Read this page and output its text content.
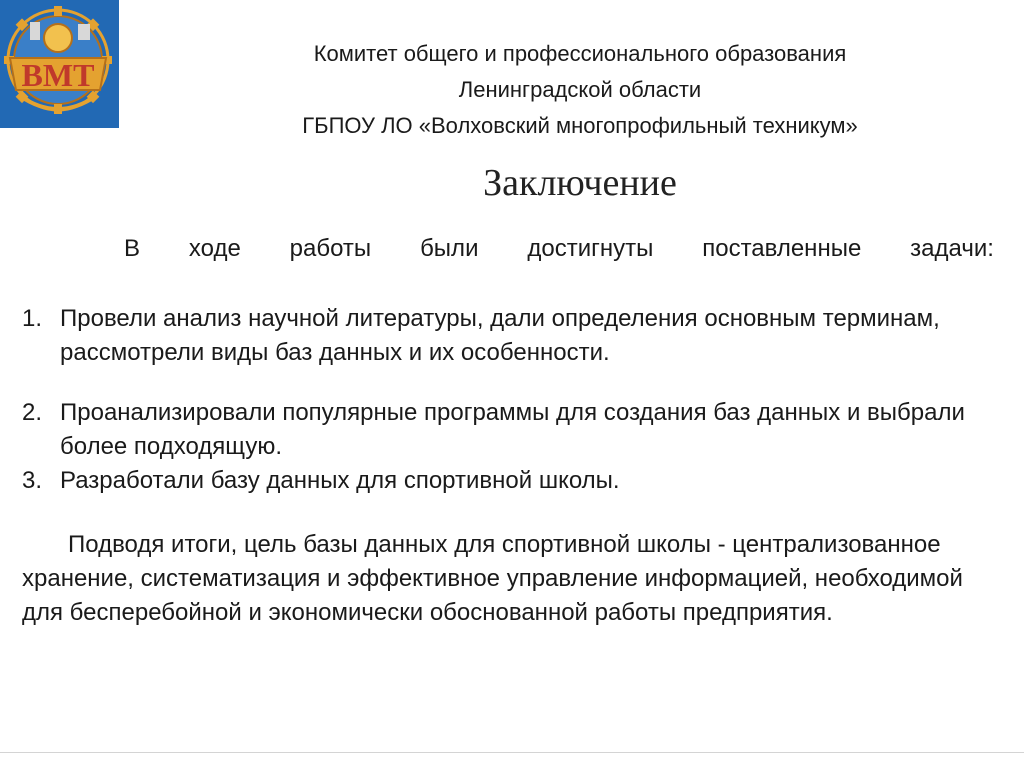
ВМТ
Комитет общего и профессионального образования
Ленинградской области
ГБПОУ ЛО «Волховский многопрофильный техникум»
Заключение
В ходе работы были достигнуты поставленные задачи:
1. Провели анализ научной литературы, дали определения основным терминам, рассмотрели виды баз данных и их особенности.
2. Проанализировали популярные программы для создания баз данных и выбрали более подходящую.
3. Разработали базу данных для спортивной школы.
Подводя итоги, цель базы данных для спортивной школы - централизованное хранение, систематизация и эффективное управление информацией, необходимой для бесперебойной и экономически обоснованной работы предприятия.
